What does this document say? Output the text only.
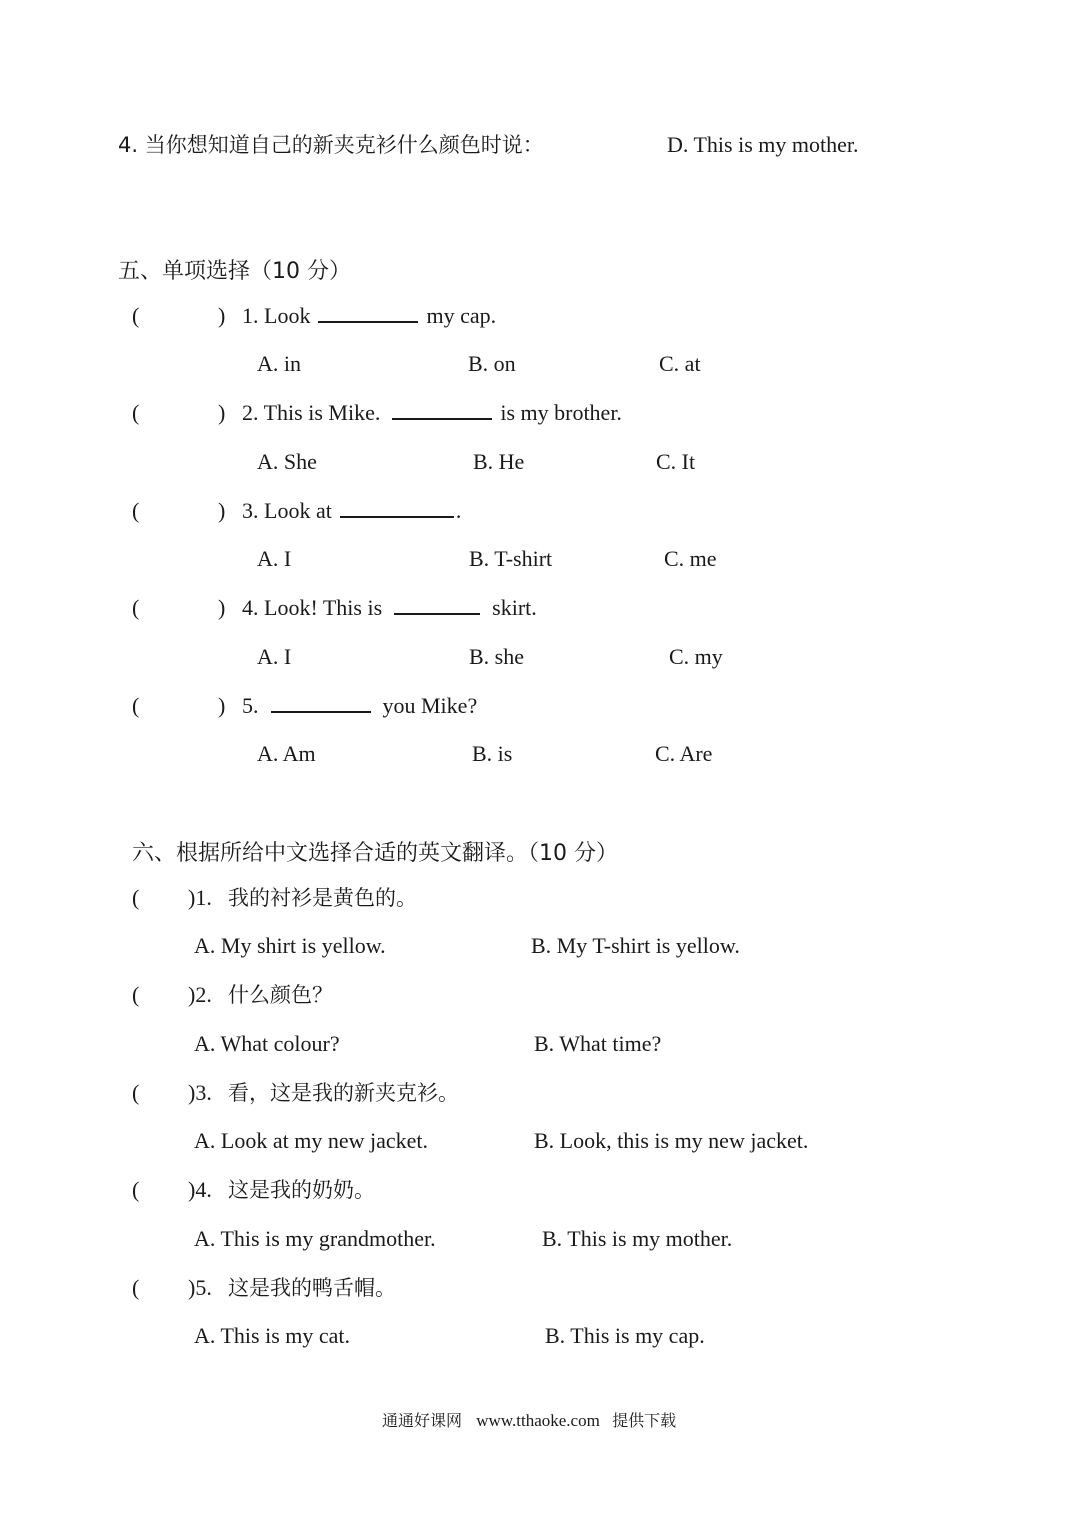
4. 当你想知道自己的新夹克衫什么颜色时说：	D. This is my mother.
五、单项选择（10 分）
(	) 1. Look	my cap.
A. in	B. on	C. at
(	) 2. This is Mike.	is my brother.
A. She	B. He	C. It
(	) 3. Look at	.
A. I	B. T-shirt	C. me
(	) 4. Look! This is	skirt.
A. I	B. she	C. my
(	) 5.	you Mike?
A. Am	B. is	C. Are
六、根据所给中文选择合适的英文翻译。（10 分）
( )1. 我的衬衫是黄色的。
A. My shirt is yellow.	B. My T-shirt is yellow.
( )2. 什么颜色？
A. What colour?	B. What time?
( )3. 看，这是我的新夹克衫。
A. Look at my new jacket.	B. Look, this is my new jacket.
( )4. 这是我的奶奶。
A. This is my grandmother.	B. This is my mother.
( )5. 这是我的鸭舌帽。
A. This is my cat.	B. This is my cap.
通通好课网 www.tthaoke.com 提供下载
